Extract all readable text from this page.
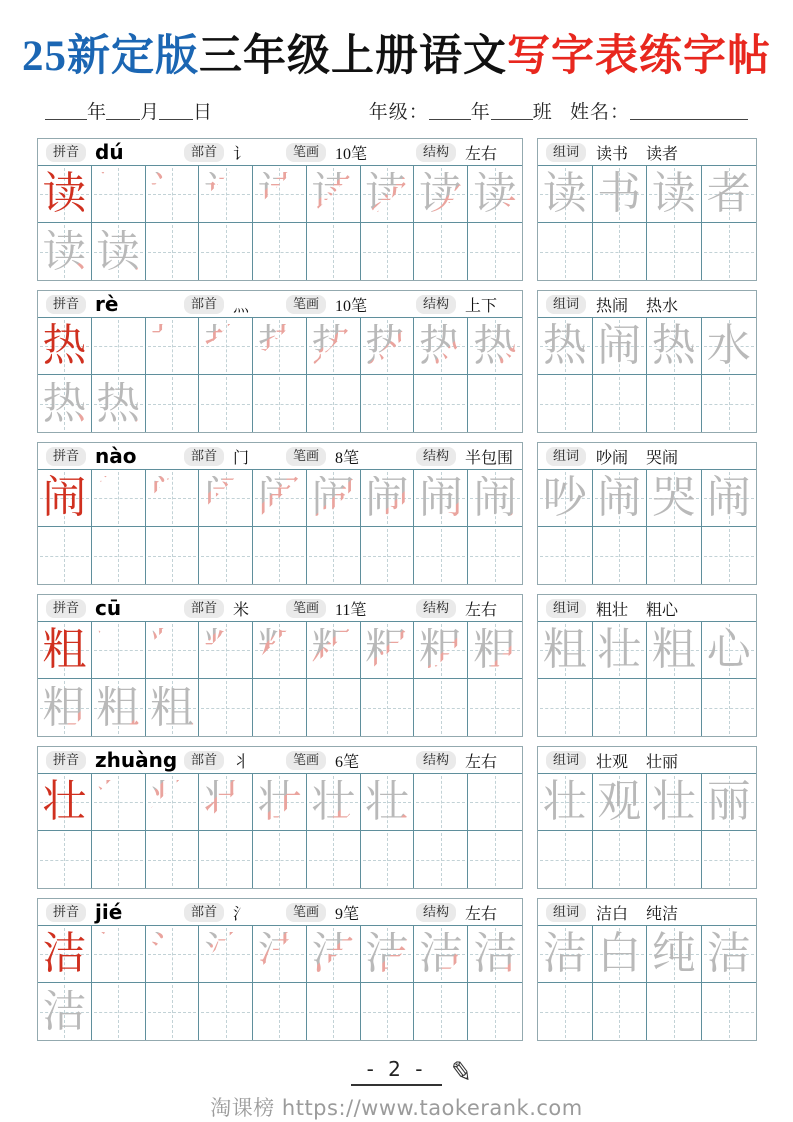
25新定版三年级上册语文写字表练字帖
年 月 日	年级： 年 班 姓名：
拼音 dú	部首	讠	笔画	10笔	结构	左右
读 读 读 读 读 读 读 读 读
读 读
组词	读书 读者
读 书 读 者
拼音 rè	部首	灬	笔画	10笔	结构	上下
热 热 热 热 热 热 热 热 热
热 热
组词	热闹 热水
热 闹 热 水
拼音 nào	部首	门	笔画	8笔	结构	半包围
闹 闹 闹 闹 闹 闹 闹 闹 闹
组词	吵闹 哭闹
吵 闹 哭 闹
拼音 cū	部首	米	笔画	11笔	结构	左右
粗 粗 粗 粗 粗 粗 粗 粗 粗
粗 粗 粗
组词	粗壮 粗心
粗 壮 粗 心
拼音 zhuàng	部首	丬	笔画	6笔	结构	左右
壮 壮 壮 壮 壮 壮 壮
组词	壮观 壮丽
壮 观 壮 丽
拼音 jié	部首	氵	笔画	9笔	结构	左右
洁 洁 洁 洁 洁 洁 洁 洁 洁
洁
组词	洁白 纯洁
洁 白 纯 洁
- 2 - ✎
淘课榜 https://www.taokerank.com
